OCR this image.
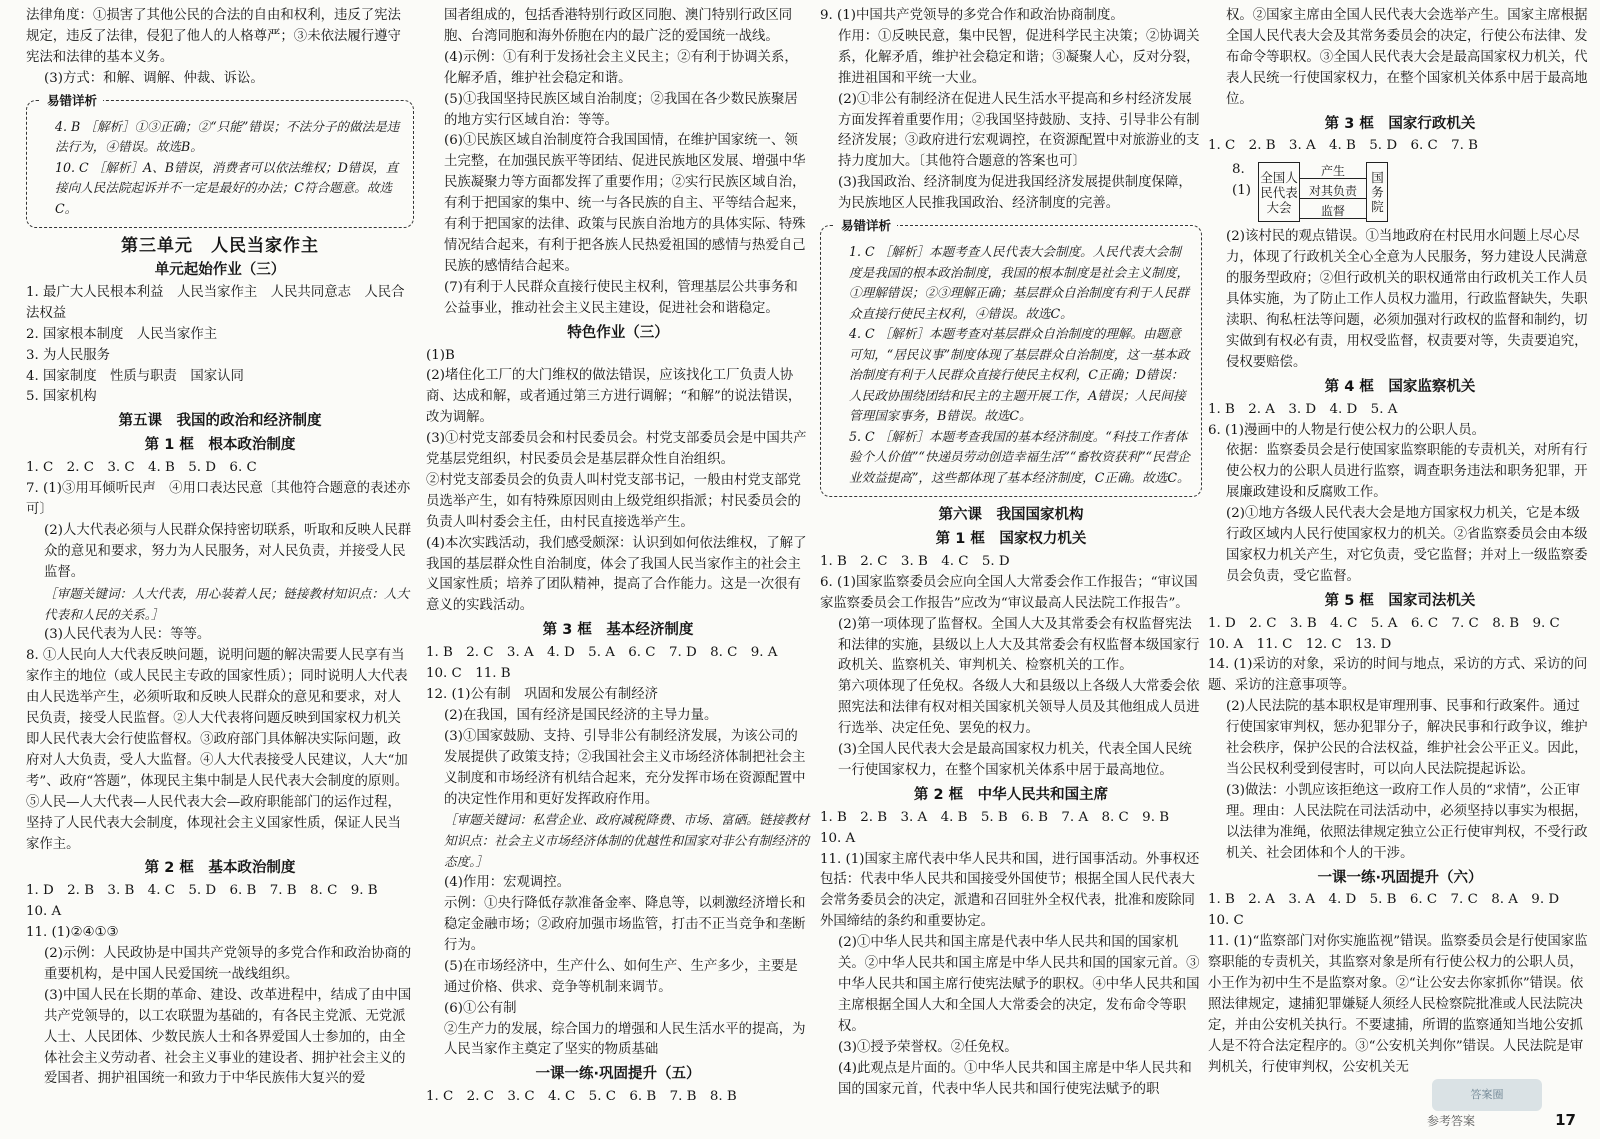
法律角度：①损害了其他公民的合法的自由和权利，违反了宪法规定，违反了法律，侵犯了他人的人格尊严；③未依法履行遵守宪法和法律的基本义务。

(3)方式：和解、调解、仲裁、诉讼。

易错详析

4. B ［解析］①③正确；②“只能”错误；不法分子的做法是违法行为，④错误。故选B。

10. C ［解析］A、B错误，消费者可以依法维权；D错误，直接向人民法院起诉并不一定是最好的办法；C符合题意。故选C。

第三单元　人民当家作主
单元起始作业（三）

1. 最广大人民根本利益　人民当家作主　人民共同意志　人民合法权益

2. 国家根本制度　人民当家作主

3. 为人民服务

4. 国家制度　性质与职责　国家认同

5. 国家机构

第五课　我国的政治和经济制度
第 1 框　根本政治制度

1. C　2. C　3. C　4. B　5. D　6. C

7. (1)③用耳倾听民声　④用口表达民意〔其他符合题意的表述亦可〕

(2)人大代表必须与人民群众保持密切联系，听取和反映人民群众的意见和要求，努力为人民服务，对人民负责，并接受人民监督。

［审题关键词：人大代表，用心装着人民；链接教材知识点：人大代表和人民的关系。］

(3)人民代表为人民：等等。

8. ①人民向人大代表反映问题，说明问题的解决需要人民享有当家作主的地位（或人民民主专政的国家性质）；同时说明人大代表由人民选举产生，必须听取和反映人民群众的意见和要求，对人民负责，接受人民监督。②人大代表将问题反映到国家权力机关即人民代表大会行使监督权。③政府部门具体解决实际问题，政府对人大负责，受人大监督。④人大代表接受人民建议，人大“加考”、政府“答题”，体现民主集中制是人民代表大会制度的原则。⑤人民—人大代表—人民代表大会—政府职能部门的运作过程，坚持了人民代表大会制度，体现社会主义国家性质，保证人民当家作主。

第 2 框　基本政治制度

1. D　2. B　3. B　4. C　5. D　6. B　7. B　8. C　9. B

10. A

11. (1)②④①③

(2)示例：人民政协是中国共产党领导的多党合作和政治协商的重要机构，是中国人民爱国统一战线组织。

(3)中国人民在长期的革命、建设、改革进程中，结成了由中国共产党领导的，以工农联盟为基础的，有各民主党派、无党派人士、人民团体、少数民族人士和各界爱国人士参加的，由全体社会主义劳动者、社会主义事业的建设者、拥护社会主义的爱国者、拥护祖国统一和致力于中华民族伟大复兴的爱

国者组成的，包括香港特别行政区同胞、澳门特别行政区同胞、台湾同胞和海外侨胞在内的最广泛的爱国统一战线。

(4)示例：①有利于发扬社会主义民主；②有利于协调关系，化解矛盾，维护社会稳定和谐。

(5)①我国坚持民族区域自治制度；②我国在各少数民族聚居的地方实行区域自治：等等。

(6)①民族区域自治制度符合我国国情，在维护国家统一、领土完整，在加强民族平等团结、促进民族地区发展、增强中华民族凝聚力等方面都发挥了重要作用；②实行民族区域自治，有利于把国家的集中、统一与各民族的自主、平等结合起来，有利于把国家的法律、政策与民族自治地方的具体实际、特殊情况结合起来，有利于把各族人民热爱祖国的感情与热爱自己民族的感情结合起来。

(7)有利于人民群众直接行使民主权利，管理基层公共事务和公益事业，推动社会主义民主建设，促进社会和谐稳定。

特色作业（三）

(1)B

(2)堵住化工厂的大门维权的做法错误，应该找化工厂负责人协商、达成和解，或者通过第三方进行调解；“和解”的说法错误，改为调解。

(3)①村党支部委员会和村民委员会。村党支部委员会是中国共产党基层党组织，村民委员会是基层群众性自治组织。

②村党支部委员会的负责人叫村党支部书记，一般由村党支部党员选举产生，如有特殊原因则由上级党组织指派；村民委员会的负责人叫村委会主任，由村民直接选举产生。

(4)本次实践活动，我们感受颇深：认识到如何依法维权，了解了我国的基层群众性自治制度，体会了我国人民当家作主的社会主义国家性质；培养了团队精神，提高了合作能力。这是一次很有意义的实践活动。

第 3 框　基本经济制度

1. B　2. C　3. A　4. D　5. A　6. C　7. D　8. C　9. A

10. C　11. B

12. (1)公有制　巩固和发展公有制经济

(2)在我国，国有经济是国民经济的主导力量。

(3)①国家鼓励、支持、引导非公有制经济发展，为该公司的发展提供了政策支持；②我国社会主义市场经济体制把社会主义制度和市场经济有机结合起来，充分发挥市场在资源配置中的决定性作用和更好发挥政府作用。

［审题关键词：私营企业、政府减税降费、市场、富硒。链接教材知识点：社会主义市场经济体制的优越性和国家对非公有制经济的态度。］

(4)作用：宏观调控。

示例：①央行降低存款准备金率、降息等，以刺激经济增长和稳定金融市场；②政府加强市场监管，打击不正当竞争和垄断行为。

(5)在市场经济中，生产什么、如何生产、生产多少，主要是通过价格、供求、竞争等机制来调节。

(6)①公有制

②生产力的发展，综合国力的增强和人民生活水平的提高，为人民当家作主奠定了坚实的物质基础

一课一练·巩固提升（五）

1. C　2. C　3. C　4. C　5. C　6. B　7. B　8. B

9. (1)中国共产党领导的多党合作和政治协商制度。

作用：①反映民意，集中民智，促进科学民主决策；②协调关系，化解矛盾，维护社会稳定和谐；③凝聚人心，反对分裂，推进祖国和平统一大业。

(2)①非公有制经济在促进人民生活水平提高和乡村经济发展方面发挥着重要作用；②我国坚持鼓励、支持、引导非公有制经济发展；③政府进行宏观调控，在资源配置中对旅游业的支持力度加大。〔其他符合题意的答案也可〕

(3)我国政治、经济制度为促进我国经济发展提供制度保障，为民族地区人民推我国政治、经济制度的完善。

易错详析

1. C ［解析］本题考查人民代表大会制度。人民代表大会制度是我国的根本政治制度，我国的根本制度是社会主义制度，①理解错误；②③理解正确；基层群众自治制度有利于人民群众直接行使民主权利，④错误。故选C。

4. C ［解析］本题考查对基层群众自治制度的理解。由题意可知，“居民议事”制度体现了基层群众自治制度，这一基本政治制度有利于人民群众直接行使民主权利，C正确；D错误：人民政协围绕团结和民主的主题开展工作，A错误；人民间接管理国家事务，B错误。故选C。

5. C ［解析］本题考查我国的基本经济制度。“科技工作者体验个人价值”“快递员劳动创造幸福生活”“畜牧资获利”“民营企业效益提高”，这些都体现了基本经济制度，C正确。故选C。

第六课　我国国家机构
第 1 框　国家权力机关

1. B　2. C　3. B　4. C　5. D

6. (1)国家监察委员会应向全国人大常委会作工作报告；“审议国家监察委员会工作报告”应改为“审议最高人民法院工作报告”。

(2)第一项体现了监督权。全国人大及其常委会有权监督宪法和法律的实施，县级以上人大及其常委会有权监督本级国家行政机关、监察机关、审判机关、检察机关的工作。

第六项体现了任免权。各级人大和县级以上各级人大常委会依照宪法和法律有权对相关国家机关领导人员及其他组成人员进行选举、决定任免、罢免的权力。

(3)全国人民代表大会是最高国家权力机关，代表全国人民统一行使国家权力，在整个国家机关体系中居于最高地位。

第 2 框　中华人民共和国主席

1. B　2. B　3. A　4. B　5. B　6. B　7. A　8. C　9. B

10. A

11. (1)国家主席代表中华人民共和国，进行国事活动。外事权还包括：代表中华人民共和国接受外国使节；根据全国人民代表大会常务委员会的决定，派遣和召回驻外全权代表，批准和废除同外国缔结的条约和重要协定。

(2)①中华人民共和国主席是代表中华人民共和国的国家机关。②中华人民共和国主席是中华人民共和国的国家元首。③中华人民共和国主席行使宪法赋予的职权。④中华人民共和国主席根据全国人大和全国人大常委会的决定，发布命令等职权。

(3)①授予荣誉权。②任免权。

(4)此观点是片面的。①中华人民共和国主席是中华人民共和国的国家元首，代表中华人民共和国行使宪法赋予的职

权。②国家主席由全国人民代表大会选举产生。国家主席根据全国人民代表大会及其常务委员会的决定，行使公布法律、发布命令等职权。③全国人民代表大会是最高国家权力机关，代表人民统一行使国家权力，在整个国家机关体系中居于最高地位。

第 3 框　国家行政机关

1. C　2. B　3. A　4. B　5. D　6. C　7. B

8. (1)
全国人民代表大会
产生
对其负责
监督	国务院

(2)该村民的观点错误。①当地政府在村民用水问题上尽心尽力，体现了行政机关全心全意为人民服务，努力建设人民满意的服务型政府；②但行政机关的职权通常由行政机关工作人员具体实施，为了防止工作人员权力滥用，行政监督缺失，失职渎职、徇私枉法等问题，必须加强对行政权的监督和制约，切实做到有权必有责，用权受监督，权责要对等，失责要追究，侵权要赔偿。

第 4 框　国家监察机关

1. B　2. A　3. D　4. D　5. A

6. (1)漫画中的人物是行使公权力的公职人员。

依据：监察委员会是行使国家监察职能的专责机关，对所有行使公权力的公职人员进行监察，调查职务违法和职务犯罪，开展廉政建设和反腐败工作。

(2)①地方各级人民代表大会是地方国家权力机关，它是本级行政区域内人民行使国家权力的机关。②省监察委员会由本级国家权力机关产生，对它负责，受它监督；并对上一级监察委员会负责，受它监督。

第 5 框　国家司法机关

1. D　2. C　3. B　4. C　5. A　6. C　7. C　8. B　9. C

10. A　11. C　12. C　13. D

14. (1)采访的对象，采访的时间与地点，采访的方式、采访的问题、采访的注意事项等。

(2)人民法院的基本职权是审理刑事、民事和行政案件。通过行使国家审判权，惩办犯罪分子，解决民事和行政争议，维护社会秩序，保护公民的合法权益，维护社会公平正义。因此，当公民权利受到侵害时，可以向人民法院提起诉讼。

(3)做法：小凯应该拒绝这一政府工作人员的“求情”，公正审理。理由：人民法院在司法活动中，必须坚持以事实为根据，以法律为准绳，依照法律规定独立公正行使审判权，不受行政机关、社会团体和个人的干涉。

一课一练·巩固提升（六）

1. B　2. A　3. A　4. D　5. B　6. C　7. C　8. A　9. D

10. C

11. (1)“监察部门对你实施监视”错误。监察委员会是行使国家监察职能的专责机关，其监察对象是所有行使公权力的公职人员，小王作为初中生不是监察对象。②“让公安去你家抓你”错误。依照法律规定，逮捕犯罪嫌疑人须经人民检察院批准或人民法院决定，并由公安机关执行。不要逮捕，所谓的监察通知当地公安抓人是不符合法定程序的。③“公安机关判你”错误。人民法院是审判机关，行使审判权，公安机关无

答案圈
参考答案	17
